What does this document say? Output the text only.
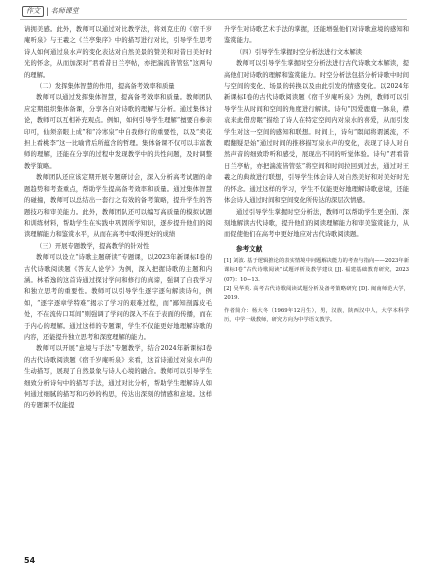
作文 | 名师课堂

请拥美感。此外，教师可以通过对比教学法，将刘克庄的《宿千岁庵听泉》与王羲之《兰亭集序》中的描写进行对比，引导学生思考诗人如何通过泉水声的变化表达对自然美景的赞美和对昔日美好时光的怀念，从而加深对“君看昔日兰亭帖，亦把湍流皆管弦”这两句的理解。

（二）发挥集体智慧的作用，提高备考效率和质量

教师可以通过发挥集体智慧，提高备考效率和质量。教师团队应定期组织集体备课，分享各自对诗歌的理解与分析。通过集体讨论，教师可以互相补充观点。例如，如何引导学生理解“擅要自参亲印可，仙须亲眼上成”和“冷寒泉”中自我修行的重要性，以及“卖花担上看桃李”这一比喻背后所蕴含的哲理。集体备课不仅可以丰富教师的理解，还能在分享的过程中发现教学中的共性问题，及时调整教学策略。

教师团队还应该定期开展专题研讨会，深入分析高考试题的命题趋势和考查重点，帮助学生提高备考效率和质量。通过集体智慧的碰撞，教师可以总结出一套行之有效的备考策略，提升学生的答题技巧和审美能力。此外，教师团队还可以编写高质量的模拟试题和训练材料，帮助学生在实践中巩固所学知识，逐步提升他们的阅读理解能力和鉴赏水平，从而在高考中取得更好的成绩

（三）开展专题教学，提高教学的针对性

教师可以设立“诗歌主题研读”专题课，以2023年新课标Ⅰ卷的古代诗歌阅读题《答友人论学》为例，深入把握诗歌的主题和内涵。林希逸的这首诗通过探讨学问和修行的真谛，强调了自我学习和独立思考的重要性。教师可以引导学生逐字逐句解读诗句，例如，“逐字逐章学特难”揭示了学习的艰难过程，而“鄙知剖露皮毛处，不在流传口耳间”则强调了学问的深入不在于表面的传播，而在于内心的理解。通过这样的专题课，学生不仅能更好地理解诗歌的内容，还能提升独立思考和深度理解的能力。

教师可以开展“意境与手法”专题教学，结合2024年新课标Ⅰ卷的古代诗歌阅读题《宿千岁庵听泉》来看，这首诗通过对泉水声的生动描写，展现了自然景象与诗人心境的融合。教师可以引导学生细致分析诗句中的描写手法，通过对比分析，帮助学生理解诗人如何通过细腻的描写和巧妙的构思，传达出深刻的情感和意境。这样的专题课不仅能提

升学生对诗歌艺术手法的掌握，还能增强他们对诗歌意境的感知和鉴赏能力。

（四）引导学生掌握时空分析法进行文本解读

教师可以引导学生掌握时空分析法进行古代诗歌文本解读，提高他们对诗歌的理解和鉴赏能力。时空分析法包括分析诗歌中时间与空间的变化、场景的转换以及由此引发的情感变化。以2024年新课标Ⅰ卷的古代诗歌阅读题《宿千岁庵听泉》为例，教师可以引导学生从时间和空间的角度进行解读。诗句“因爱鹿鹿一脉泉，襟袁来此借房眠”描绘了诗人在特定空间内对泉水的喜爱，从而引发学生对这一空间的感知和联想。时间上，诗句“瞑闻将谓溪流，不暇翻疑是始”通过时间的推移描写泉水声的变化，表现了诗人对自然声音的细致聆听和感受，展现出不同的听觉体验。诗句“君看昔日兰亭帖，亦把湍流皆管弦”将空间和时间拉回到过去，通过对王羲之的典故进行联想，引导学生体会诗人对自然美好和对美好时光的怀念。通过这样的学习，学生不仅能更好地理解诗歌意境，还能体会诗人通过时间和空间变化所传达的深层次情感。

通过引导学生掌握时空分析法，教师可以帮助学生更全面、深刻地解读古代诗歌，提升他们的阅读理解能力和审美鉴赏能力，从而促使他们在高考中更好地应对古代诗歌阅读题。

参考文献

[1] 刘波. 基于逻辑推论的表实情境中问题解决能力的考查与指向——2023年新课标Ⅰ卷“古代诗歌阅读”试题评析及教学建议 [J]. 福建基础教育研究，2023 (07)：10−13.

[2] 吴华英. 高考古代诗歌阅读试题分析及备考策略研究 [D]. 闽南师范大学，2019.

作者简介：杨大冬（1969年12月生），男，汉族，陕西汉中人，大学本科学历，中学一级教师，研究方向为中学语文教学。

54
